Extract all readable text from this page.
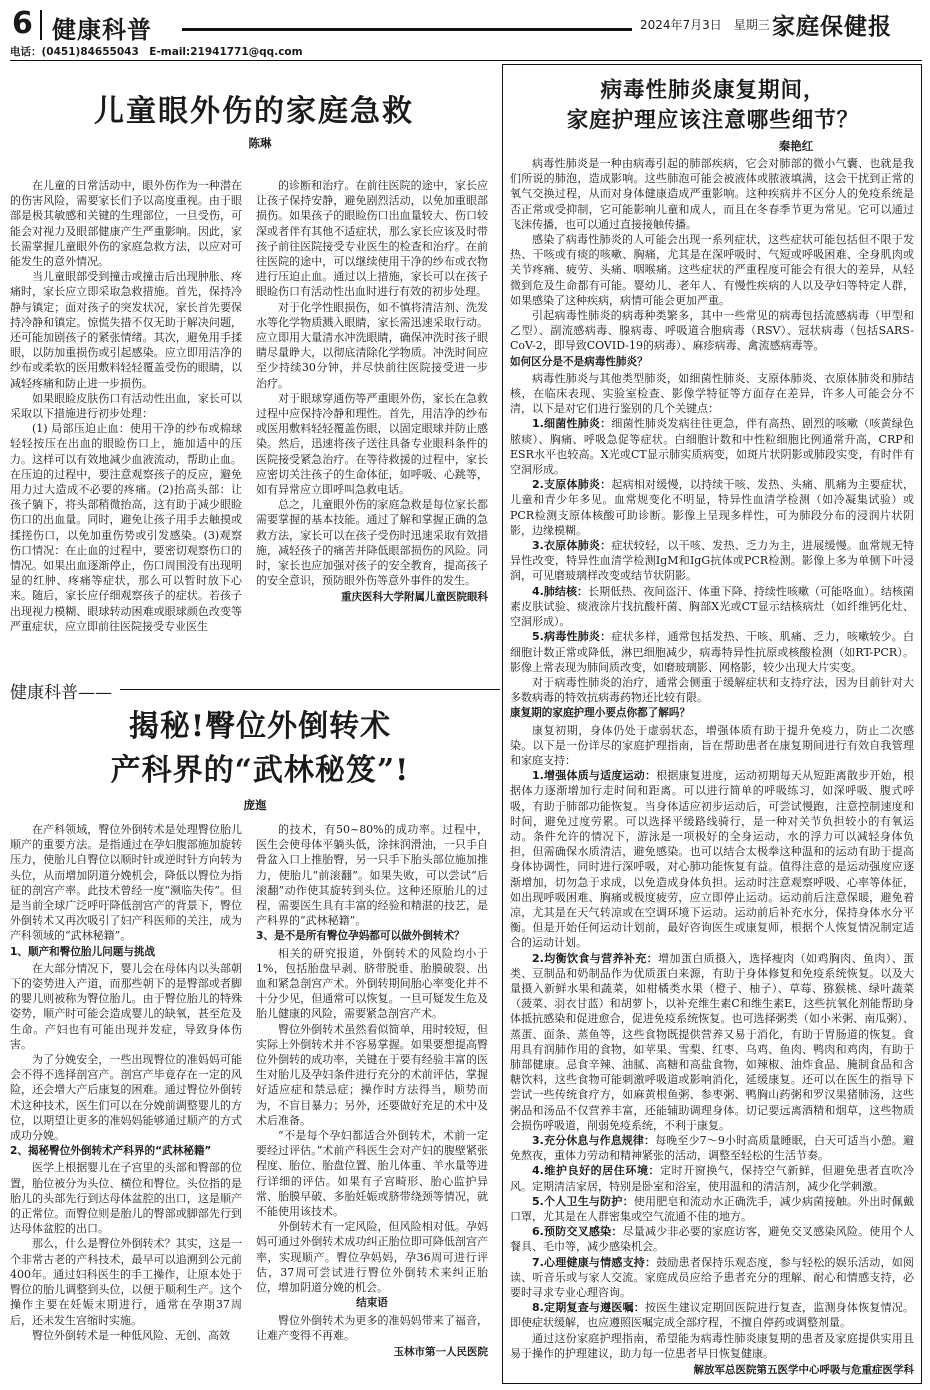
6 健康科普	2024年7月3日　星期三 家庭保健报
电话：(0451)84655043　E-mail:21941771@qq.com
儿童眼外伤的家庭急救
陈琳

在儿童的日常活动中，眼外伤作为一种潜在的伤害风险，需要家长们予以高度重视。由于眼部是极其敏感和关键的生理部位，一旦受伤，可能会对视力及眼部健康产生严重影响。因此，家长需掌握儿童眼外伤的家庭急救方法，以应对可能发生的意外情况。

当儿童眼部受到撞击或撞击后出现肿胀、疼痛时，家长应立即采取急救措施。首先，保持冷静与镇定；面对孩子的突发状况，家长首先要保持冷静和镇定。惊慌失措不仅无助于解决问题，还可能加剧孩子的紧张情绪。其次，避免用手揉眼，以防加重损伤或引起感染。应立即用洁净的纱布或柔软的医用敷料轻轻覆盖受伤的眼睛，以减轻疼痛和防止进一步损伤。

如果眼睑皮肤伤口有活动性出血，家长可以采取以下措施进行初步处理：

(1) 局部压迫止血：使用干净的纱布或棉球轻轻按压在出血的眼睑伤口上，施加适中的压力。这样可以有效地减少血液流动，帮助止血。在压迫的过程中，要注意观察孩子的反应，避免用力过大造成不必要的疼痛。(2)抬高头部：让孩子躺下，将头部稍微抬高，这有助于减少眼睑伤口的出血量。同时，避免让孩子用手去触摸或揉搓伤口，以免加重伤势或引发感染。(3)观察伤口情况：在止血的过程中，要密切观察伤口的情况。如果出血逐渐停止，伤口周围没有出现明显的红肿、疼痛等症状，那么可以暂时放下心来。随后，家长应仔细观察孩子的症状。若孩子出现视力模糊、眼球转动困难或眼球颜色改变等严重症状，应立即前往医院接受专业医生

的诊断和治疗。在前往医院的途中，家长应让孩子保持安静，避免剧烈活动，以免加重眼部损伤。如果孩子的眼睑伤口出血量较大、伤口较深或者伴有其他不适症状，那么家长应该及时带孩子前往医院接受专业医生的检查和治疗。在前往医院的途中，可以继续使用干净的纱布或衣物进行压迫止血。通过以上措施，家长可以在孩子眼睑伤口有活动性出血时进行有效的初步处理。

对于化学性眼损伤，如不慎将清洁剂、洗发水等化学物质溅入眼睛，家长需迅速采取行动。应立即用大量清水冲洗眼睛，确保冲洗时孩子眼睛尽量睁大，以彻底清除化学物质。冲洗时间应至少持续30分钟，并尽快前往医院接受进一步治疗。

对于眼球穿通伤等严重眼外伤，家长在急救过程中应保持冷静和理性。首先，用洁净的纱布或医用敷料轻轻覆盖伤眼，以固定眼球并防止感染。然后，迅速将孩子送往具备专业眼科条件的医院接受紧急治疗。在等待救援的过程中，家长应密切关注孩子的生命体征，如呼吸、心跳等，如有异常应立即呼叫急救电话。

总之，儿童眼外伤的家庭急救是每位家长都需要掌握的基本技能。通过了解和掌握正确的急救方法，家长可以在孩子受伤时迅速采取有效措施，减轻孩子的痛苦并降低眼部损伤的风险。同时，家长也应加强对孩子的安全教育，提高孩子的安全意识，预防眼外伤等意外事件的发生。

重庆医科大学附属儿童医院眼科

健康科普——
揭秘!臀位外倒转术
产科界的“武林秘笈”!
庞迤

在产科领域，臀位外倒转术是处理臀位胎儿顺产的重要方法。是指通过在孕妇腹部施加旋转压力，使胎儿自臀位以顺时针或逆时针方向转为头位，从而增加阴道分娩机会，降低以臀位为指征的剖宫产率。此技术曾经一度“濒临失传”。但是当前全球广泛呼吁降低剖宫产的背景下，臀位外倒转术又再次吸引了妇产科医师的关注，成为产科领域的“武林秘籍”。

1、顺产和臀位胎儿问题与挑战

在大部分情况下，婴儿会在母体内以头部朝下的姿势进入产道，而那些朝下的是臀部或者脚的婴儿则被称为臀位胎儿。由于臀位胎儿的特殊姿势，顺产时可能会造成婴儿的缺氧，甚至危及生命。产妇也有可能出现并发症，导致身体伤害。

为了分娩安全，一些出现臀位的准妈妈可能会不得不选择剖宫产。剖宫产毕竟存在一定的风险，还会增大产后康复的困难。通过臀位外倒转术这种技术，医生们可以在分娩前调整婴儿的方位，以期望让更多的准妈妈能够通过顺产的方式成功分娩。

2、揭秘臀位外倒转术产科界的“武林秘籍”

医学上根据婴儿在子宫里的头部和臀部的位置，胎位被分为头位、横位和臀位。头位指的是胎儿的头部先行到达母体盆腔的出口，这是顺产的正常位。而臀位则是胎儿的臀部或脚部先行到达母体盆腔的出口。

那么，什么是臀位外倒转术？其实，这是一个非常古老的产科技术，最早可以追溯到公元前400年。通过妇科医生的手工操作，让原本处于臀位的胎儿调整到头位，以便于顺利生产。这个操作主要在妊娠末期进行，通常在孕期37周后，还未发生宫缩时实施。

臀位外倒转术是一种低风险、无创、高效

的技术，有50~80%的成功率。过程中，医生会使母体平躺头低，涂抹润滑油，一只手自骨盆入口上推胎臀，另一只手下胎头部位施加推力，使胎儿“前滚翻”。如果失败，可以尝试“后滚翻”动作使其旋转到头位。这种还原胎儿的过程，需要医生具有丰富的经验和精湛的技艺，是产科界的“武林秘籍”。

3、是不是所有臀位孕妈都可以做外倒转术？

相关的研究报道，外倒转术的风险均小于1%，包括胎盘早剥、脐带脱垂、胎膜破裂、出血和紧急剖宫产术。外倒转期间胎心率变化并不十分少见，但通常可以恢复。一旦可疑发生危及胎儿健康的风险，需要紧急剖宫产术。

臀位外倒转术虽然看似简单，用时较短，但实际上外倒转术并不容易掌握。如果要想提高臀位外倒转的成功率，关键在于要有经验丰富的医生对胎儿及孕妇条件进行充分的术前评估，掌握好适应症和禁忌症；操作时方法得当，顺势而为，不盲目暴力；另外，还要做好充足的术中及术后准备。

“不是每个孕妇都适合外倒转术，术前一定要经过评估。”术前产科医生会对产妇的腹壁紧张程度、胎位、胎盘位置、胎儿体重、羊水量等进行详细的评估。如果有子宫畸形、胎心监护异常、胎膜早破、多胎妊娠或脐带绕颈等情况，就不能使用该技术。

外倒转术有一定风险，但风险相对低。孕妈妈可通过外倒转术成功纠正胎位即可降低剖宫产率，实现顺产。臀位孕妈妈，孕36周可进行评估，37周可尝试进行臀位外倒转术来纠正胎位，增加阴道分娩的机会。

结束语

臀位外倒转术为更多的准妈妈带来了福音，让难产变得不再难。

玉林市第一人民医院

病毒性肺炎康复期间，
家庭护理应该注意哪些细节？
秦艳红

病毒性肺炎是一种由病毒引起的肺部疾病，它会对肺部的微小气囊、也就是我们所说的肺泡，造成影响。这些肺泡可能会被液体或脓液填满，这会干扰到正常的氧气交换过程，从而对身体健康造成严重影响。这种疾病并不区分人的免疫系统是否正常或受抑制，它可能影响儿童和成人，而且在冬春季节更为常见。它可以通过飞沫传播，也可以通过直接接触传播。

感染了病毒性肺炎的人可能会出现一系列症状，这些症状可能包括但不限于发热、干咳或有痰的咳嗽、胸痛，尤其是在深呼吸时、气短或呼吸困难、全身肌肉或关节疼痛、疲劳、头痛、咽喉痛。这些症状的严重程度可能会有很大的差异，从轻微到危及生命都有可能。婴幼儿、老年人、有慢性疾病的人以及孕妇等特定人群，如果感染了这种疾病，病情可能会更加严重。

引起病毒性肺炎的病毒种类繁多，其中一些常见的病毒包括流感病毒（甲型和乙型）、副流感病毒、腺病毒、呼吸道合胞病毒（RSV）、冠状病毒（包括SARS-CoV-2，即导致COVID-19的病毒）、麻疹病毒、禽流感病毒等。

如何区分是不是病毒性肺炎？

病毒性肺炎与其他类型肺炎，如细菌性肺炎、支原体肺炎、衣原体肺炎和肺结核，在临床表现、实验室检查、影像学特征等方面存在差异，许多人可能会分不清，以下是对它们进行鉴别的几个关键点：

1.细菌性肺炎：细菌性肺炎发病往往更急，伴有高热、剧烈的咳嗽（咳黄绿色脓痰）、胸痛、呼吸急促等症状。白细胞计数和中性粒细胞比例通常升高，CRP和ESR水平也较高。X光或CT显示肺实质病变，如斑片状阴影或肺段实变，有时伴有空洞形成。

2.支原体肺炎：起病相对缓慢，以持续干咳、发热、头痛、肌痛为主要症状，儿童和青少年多见。血常规变化不明显，特异性血清学检测（如冷凝集试验）或PCR检测支原体核酸可助诊断。影像上呈现多样性，可为肺段分布的浸润片状阴影，边缘模糊。

3.衣原体肺炎：症状较轻，以干咳、发热、乏力为主，进展缓慢。血常规无特异性改变，特异性血清学检测IgM和IgG抗体或PCR检测。影像上多为单侧下叶浸润，可见磨玻璃样改变或结节状阴影。

4.肺结核：长期低热、夜间盗汗、体重下降、持续性咳嗽（可能咯血）。结核菌素皮肤试验、痰液涂片找抗酸杆菌、胸部X光或CT显示结核病灶（如纤维钙化灶、空洞形成）。

5.病毒性肺炎：症状多样，通常包括发热、干咳、肌痛、乏力，咳嗽较少。白细胞计数正常或降低，淋巴细胞减少，病毒特异性抗原或核酸检测（如RT-PCR）。影像上常表现为肺间质改变，如磨玻璃影、网格影，较少出现大片实变。

对于病毒性肺炎的治疗，通常会侧重于缓解症状和支持疗法，因为目前针对大多数病毒的特效抗病毒药物还比较有限。

康复期的家庭护理小要点你都了解吗？

康复初期，身体仍处于虚弱状态，增强体质有助于提升免疫力，防止二次感染。以下是一份详尽的家庭护理指南，旨在帮助患者在康复期间进行有效自我管理和家庭支持：

1.增强体质与适度运动：根据康复进度，运动初期每天从短距离散步开始，根据体力逐渐增加行走时间和距离。可以进行简单的呼吸练习，如深呼吸、腹式呼吸，有助于肺部功能恢复。当身体适应初步运动后，可尝试慢跑，注意控制速度和时间，避免过度劳累。可以选择平缓路线骑行，是一种对关节负担较小的有氧运动。条件允许的情况下，游泳是一项极好的全身运动，水的浮力可以减轻身体负担，但需确保水质清洁，避免感染。也可以结合太极拳这种温和的运动有助于提高身体协调性，同时进行深呼吸，对心肺功能恢复有益。值得注意的是运动强度应逐渐增加，切勿急于求成，以免造成身体负担。运动时注意观察呼吸、心率等体征，如出现呼吸困难、胸痛或极度疲劳，应立即停止运动。运动前后注意保暖，避免着凉，尤其是在天气转凉或在空调环境下运动。运动前后补充水分，保持身体水分平衡。但是开始任何运动计划前，最好咨询医生或康复师，根据个人恢复情况制定适合的运动计划。

2.均衡饮食与营养补充：增加蛋白质摄入，选择瘦肉（如鸡胸肉、鱼肉）、蛋类、豆制品和奶制品作为优质蛋白来源，有助于身体修复和免疫系统恢复。以及大量摄入新鲜水果和蔬菜，如柑橘类水果（橙子、柚子）、草莓、猕猴桃、绿叶蔬菜（菠菜、羽衣甘蓝）和胡萝卜，以补充维生素C和维生素E，这些抗氧化剂能帮助身体抵抗感染和促进愈合，促进免疫系统恢复。也可选择粥类（如小米粥、南瓜粥）、蒸蛋、面条、蒸鱼等，这些食物既提供营养又易于消化，有助于胃肠道的恢复。食用具有润肺作用的食物，如苹果、雪梨、红枣、乌鸡、鱼肉、鸭肉和鸡肉，有助于肺部健康。忌食辛辣、油腻、高糖和高盐食物，如辣椒、油炸食品、腌制食品和含糖饮料，这些食物可能刺激呼吸道或影响消化，延缓康复。还可以在医生的指导下尝试一些传统食疗方，如麻黄根鱼粥、参枣粥、鸭胸山药粥和罗汉果猪肺汤，这些粥品和汤品不仅营养丰富，还能辅助调理身体。切记要远离酒精和烟草，这些物质会损伤呼吸道，削弱免疫系统，不利于康复。

3.充分休息与作息规律：每晚至少7～9小时高质量睡眠，白天可适当小憩。避免熬夜，重体力劳动和精神紧张的活动，调整至轻松的生活节奏。

4.维护良好的居住环境：定时开窗换气，保持空气新鲜，但避免患者直吹冷风。定期清洁家居，特别是卧室和浴室，使用温和的清洁剂，减少化学刺激。

5.个人卫生与防护：使用肥皂和流动水正确洗手，减少病菌接触。外出时佩戴口罩，尤其是在人群密集或空气流通不佳的地方。

6.预防交叉感染：尽量减少非必要的家庭访客，避免交叉感染风险。使用个人餐具、毛巾等，减少感染机会。

7.心理健康与情感支持：鼓励患者保持乐观态度，参与轻松的娱乐活动，如阅读、听音乐或与家人交流。家庭成员应给予患者充分的理解、耐心和情感支持，必要时寻求专业心理咨询。

8.定期复查与遵医嘱：按医生建议定期回医院进行复查，监测身体恢复情况。即使症状缓解，也应遵照医嘱完成全部疗程，不擅自停药或调整剂量。

通过这份家庭护理指南，希望能为病毒性肺炎康复期的患者及家庭提供实用且易于操作的护理建议，助力每一位患者早日恢复健康。

解放军总医院第五医学中心呼吸与危重症医学科
